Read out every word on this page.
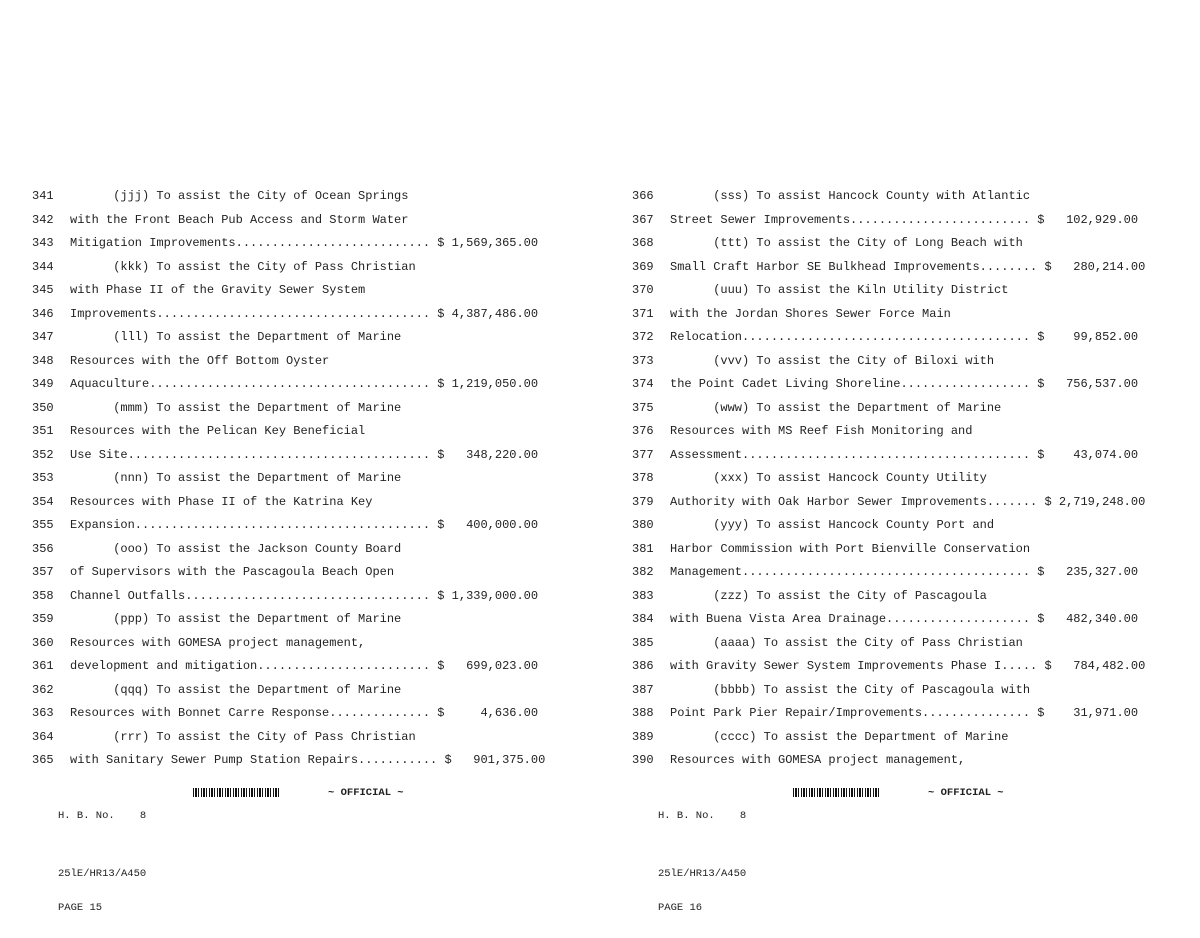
341 (jjj) To assist the City of Ocean Springs
342 with the Front Beach Pub Access and Storm Water
343 Mitigation Improvements........................... $ 1,569,365.00
344 (kkk) To assist the City of Pass Christian
345 with Phase II of the Gravity Sewer System
346 Improvements...................................... $ 4,387,486.00
347 (lll) To assist the Department of Marine
348 Resources with the Off Bottom Oyster
349 Aquaculture....................................... $ 1,219,050.00
350 (mmm) To assist the Department of Marine
351 Resources with the Pelican Key Beneficial
352 Use Site.......................................... $   348,220.00
353 (nnn) To assist the Department of Marine
354 Resources with Phase II of the Katrina Key
355 Expansion......................................... $   400,000.00
356 (ooo) To assist the Jackson County Board
357 of Supervisors with the Pascagoula Beach Open
358 Channel Outfalls.................................. $ 1,339,000.00
359 (ppp) To assist the Department of Marine
360 Resources with GOMESA project management,
361 development and mitigation........................ $   699,023.00
362 (qqq) To assist the Department of Marine
363 Resources with Bonnet Carre Response.............. $     4,636.00
364 (rrr) To assist the City of Pass Christian
365 with Sanitary Sewer Pump Station Repairs........... $   901,375.00

H. B. No.    8

~ OFFICIAL ~

25lE/HR13/A450

PAGE 15

366 (sss) To assist Hancock County with Atlantic
367 Street Sewer Improvements......................... $   102,929.00
368 (ttt) To assist the City of Long Beach with
369 Small Craft Harbor SE Bulkhead Improvements........ $   280,214.00
370 (uuu) To assist the Kiln Utility District
371 with the Jordan Shores Sewer Force Main
372 Relocation........................................ $    99,852.00
373 (vvv) To assist the City of Biloxi with
374 the Point Cadet Living Shoreline.................. $   756,537.00
375 (www) To assist the Department of Marine
376 Resources with MS Reef Fish Monitoring and
377 Assessment........................................ $    43,074.00
378 (xxx) To assist Hancock County Utility
379 Authority with Oak Harbor Sewer Improvements....... $ 2,719,248.00
380 (yyy) To assist Hancock County Port and
381 Harbor Commission with Port Bienville Conservation
382 Management........................................ $   235,327.00
383 (zzz) To assist the City of Pascagoula
384 with Buena Vista Area Drainage.................... $   482,340.00
385 (aaaa) To assist the City of Pass Christian
386 with Gravity Sewer System Improvements Phase I..... $   784,482.00
387 (bbbb) To assist the City of Pascagoula with
388 Point Park Pier Repair/Improvements............... $    31,971.00
389 (cccc) To assist the Department of Marine
390 Resources with GOMESA project management,

H. B. No.    8

~ OFFICIAL ~

25lE/HR13/A450

PAGE 16
